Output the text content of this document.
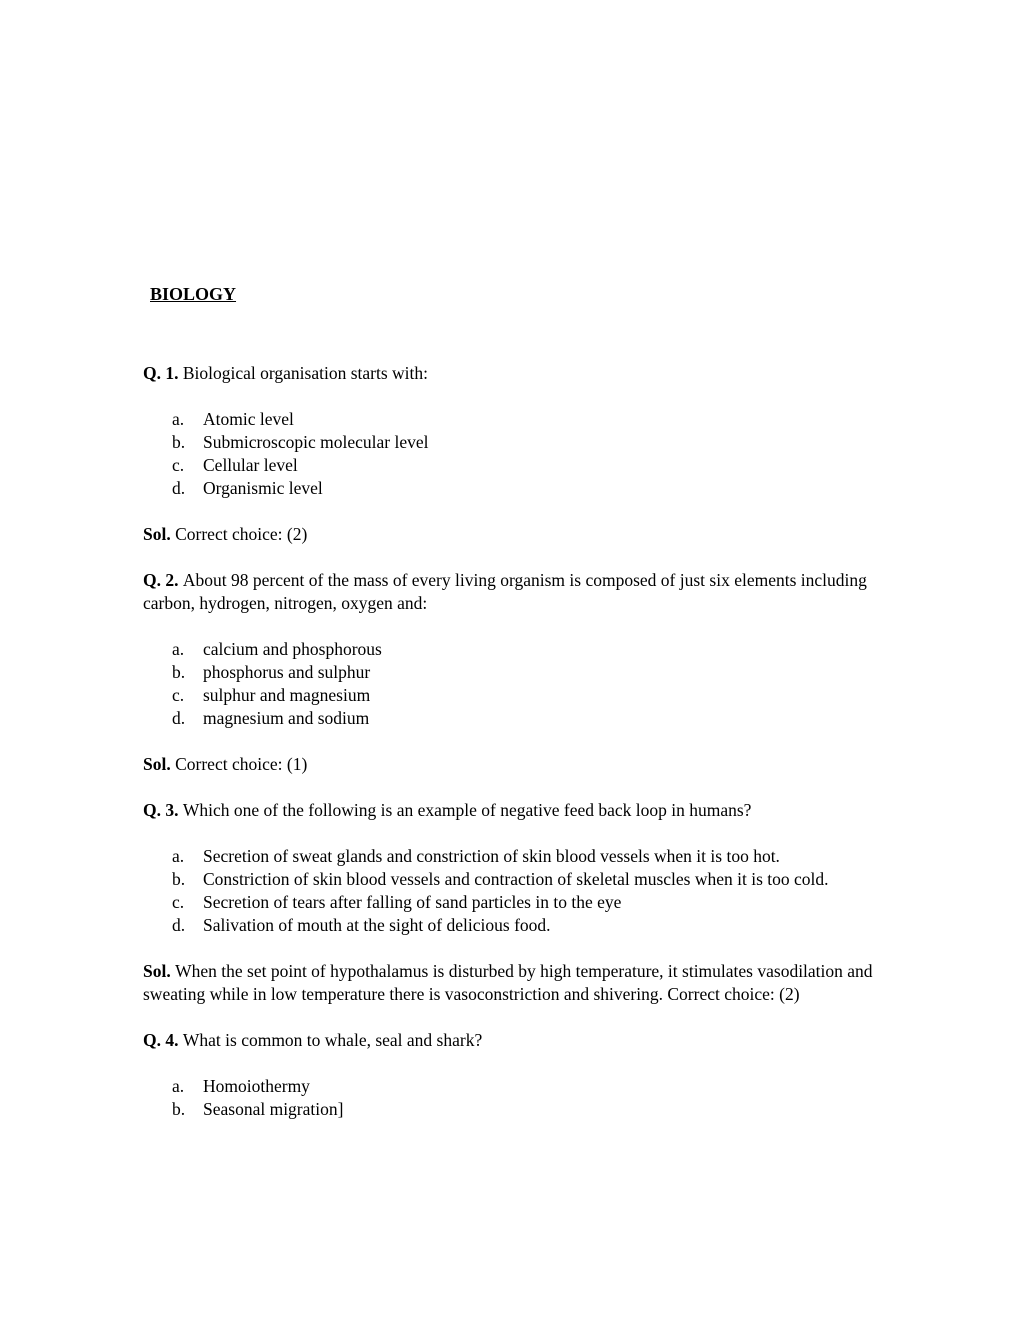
BIOLOGY

Q. 1. Biological organisation starts with:

a.	Atomic level
b.	Submicroscopic molecular level
c.	Cellular level
d.	Organismic level

Sol. Correct choice: (2)

Q. 2. About 98 percent of the mass of every living organism is composed of just six elements including carbon, hydrogen, nitrogen, oxygen and:

a.	calcium and phosphorous
b.	phosphorus and sulphur
c.	sulphur and magnesium
d.	magnesium and sodium

Sol. Correct choice: (1)

Q. 3. Which one of the following is an example of negative feed back loop in humans?

a.	Secretion of sweat glands and constriction of skin blood vessels when it is too hot.
b.	Constriction of skin blood vessels and contraction of skeletal muscles when it is too cold.
c.	Secretion of tears after falling of sand particles in to the eye
d.	Salivation of mouth at the sight of delicious food.

Sol. When the set point of hypothalamus is disturbed by high temperature, it stimulates vasodilation and sweating while in low temperature there is vasoconstriction and shivering. Correct choice: (2)

Q. 4. What is common to whale, seal and shark?

a.	Homoiothermy
b.	Seasonal migration]
